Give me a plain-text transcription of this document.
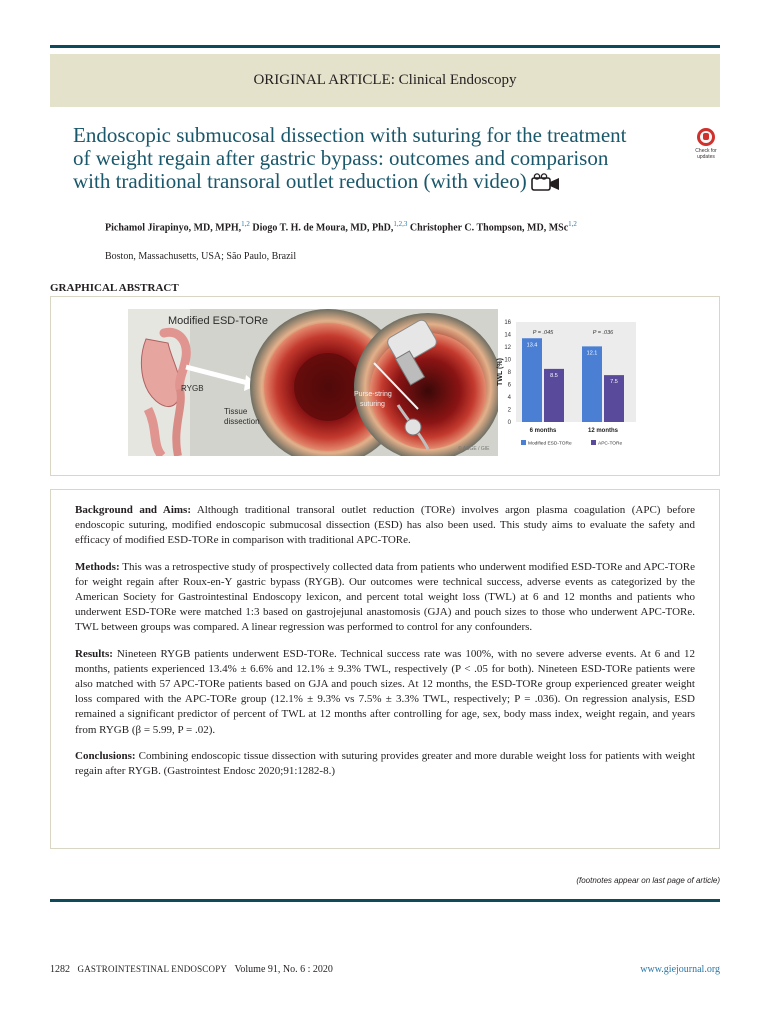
ORIGINAL ARTICLE: Clinical Endoscopy
Endoscopic submucosal dissection with suturing for the treatment of weight regain after gastric bypass: outcomes and comparison with traditional transoral outlet reduction (with video)
Check for updates

Pichamol Jirapinyo, MD, MPH,$^{1,2}$ Diogo T. H. de Moura, MD, PhD,$^{1,2,3}$ Christopher C. Thompson, MD, MSc$^{1,2}$

Boston, Massachusetts, USA; São Paulo, Brazil

GRAPHICAL ABSTRACT
Modified ESD-TORe
RYGB
Tissue
dissection
Purse-string
suturing
© ASGE / GIE
0
2
4
6
8
10
12
14
16
TWL (%)
13.4
8.5
P = .045
6 months
12.1
7.5
P = .036
12 months
Modified ESD-TORe	APC-TORe

Background and Aims: Although traditional transoral outlet reduction (TORe) involves argon plasma coagulation (APC) before endoscopic suturing, modified endoscopic submucosal dissection (ESD) has also been used. This study aims to evaluate the safety and efficacy of modified ESD-TORe in comparison with traditional APC-TORe.

Methods: This was a retrospective study of prospectively collected data from patients who underwent modified ESD-TORe and APC-TORe for weight regain after Roux-en-Y gastric bypass (RYGB). Our outcomes were technical success, adverse events as categorized by the American Society for Gastrointestinal Endoscopy lexicon, and percent total weight loss (TWL) at 6 and 12 months and patients who underwent ESD-TORe were matched 1:3 based on gastrojejunal anastomosis (GJA) and pouch sizes to those who underwent APC-TORe. TWL between groups was compared. A linear regression was performed to control for any confounders.

Results: Nineteen RYGB patients underwent ESD-TORe. Technical success rate was 100%, with no severe adverse events. At 6 and 12 months, patients experienced 13.4% ± 6.6% and 12.1% ± 9.3% TWL, respectively (P < .05 for both). Nineteen ESD-TORe patients were also matched with 57 APC-TORe patients based on GJA and pouch sizes. At 12 months, the ESD-TORe group experienced greater weight loss compared with the APC-TORe group (12.1% ± 9.3% vs 7.5% ± 3.3% TWL, respectively; P = .036). On regression analysis, ESD remained a significant predictor of percent of TWL at 12 months after controlling for age, sex, body mass index, weight regain, and years from RYGB (β = 5.99, P = .02).

Conclusions: Combining endoscopic tissue dissection with suturing provides greater and more durable weight loss for patients with weight regain after RYGB. (Gastrointest Endosc 2020;91:1282-8.)

(footnotes appear on last page of article)

1282 GASTROINTESTINAL ENDOSCOPY Volume 91, No. 6 : 2020	www.giejournal.org
